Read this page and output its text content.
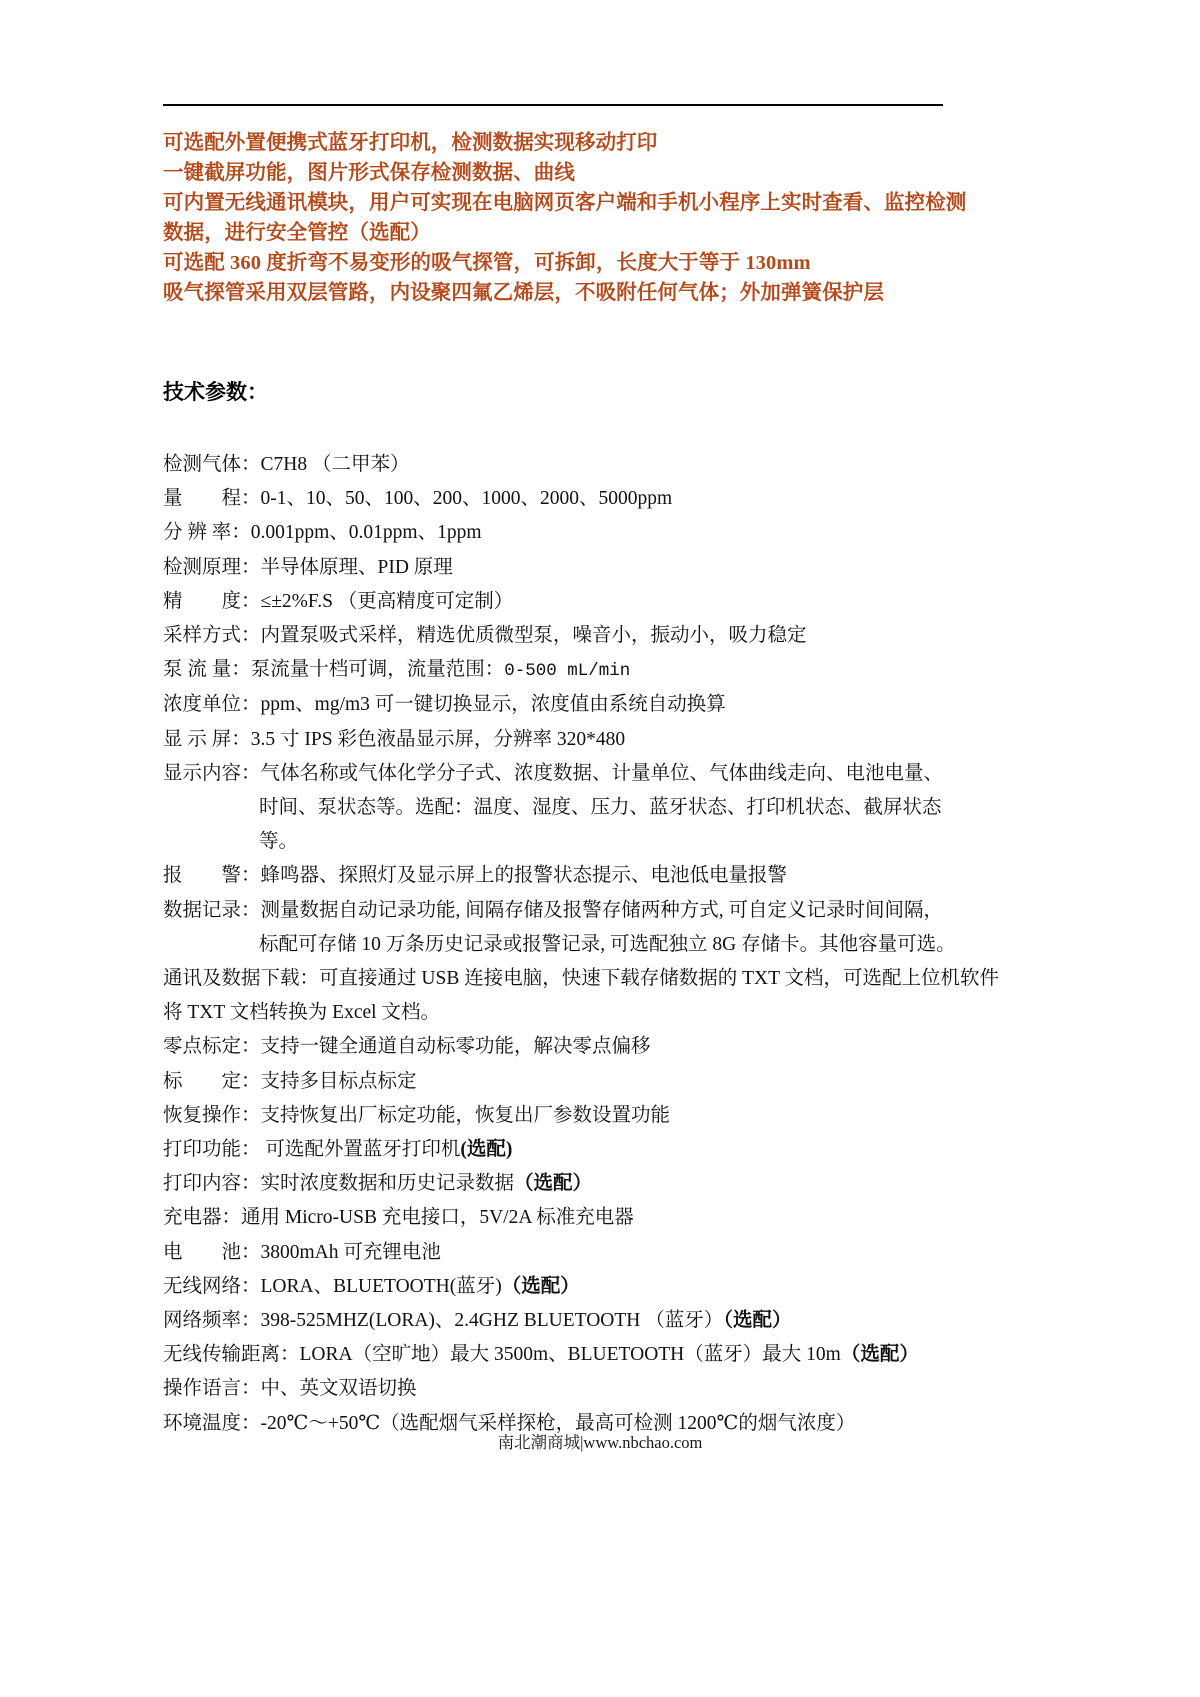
可选配外置便携式蓝牙打印机，检测数据实现移动打印
一键截屏功能，图片形式保存检测数据、曲线
可内置无线通讯模块，用户可实现在电脑网页客户端和手机小程序上实时查看、监控检测数据，进行安全管控（选配）
可选配 360 度折弯不易变形的吸气探管，可拆卸，长度大于等于 130mm
吸气探管采用双层管路，内设聚四氟乙烯层，不吸附任何气体；外加弹簧保护层
技术参数：
检测气体：C7H8 （二甲苯）
量　　程：0-1、10、50、100、200、1000、2000、5000ppm
分 辨 率：0.001ppm、0.01ppm、1ppm
检测原理：半导体原理、PID 原理
精　　度：≤±2%F.S （更高精度可定制）
采样方式：内置泵吸式采样，精选优质微型泵，噪音小，振动小，吸力稳定
泵 流 量：泵流量十档可调，流量范围：0-500 mL/min
浓度单位：ppm、mg/m3 可一键切换显示，浓度值由系统自动换算
显 示 屏：3.5 寸 IPS 彩色液晶显示屏，分辨率 320*480
显示内容：气体名称或气体化学分子式、浓度数据、计量单位、气体曲线走向、电池电量、
时间、泵状态等。选配：温度、湿度、压力、蓝牙状态、打印机状态、截屏状态
等。
报　　警：蜂鸣器、探照灯及显示屏上的报警状态提示、电池低电量报警
数据记录：测量数据自动记录功能, 间隔存储及报警存储两种方式, 可自定义记录时间间隔，
标配可存储 10 万条历史记录或报警记录, 可选配独立 8G 存储卡。其他容量可选。
通讯及数据下载：可直接通过 USB 连接电脑，快速下载存储数据的 TXT 文档，可选配上位机软件将 TXT 文档转换为 Excel 文档。
零点标定：支持一键全通道自动标零功能，解决零点偏移
标　　定：支持多目标点标定
恢复操作：支持恢复出厂标定功能，恢复出厂参数设置功能
打印功能： 可选配外置蓝牙打印机(选配)
打印内容：实时浓度数据和历史记录数据（选配）
充电器：通用 Micro-USB 充电接口，5V/2A 标准充电器
电　　池：3800mAh 可充锂电池
无线网络：LORA、BLUETOOTH(蓝牙)（选配）
网络频率：398-525MHZ(LORA)、2.4GHZ BLUETOOTH （蓝牙）（选配）
无线传输距离：LORA（空旷地）最大 3500m、BLUETOOTH（蓝牙）最大 10m（选配）
操作语言：中、英文双语切换
环境温度：-20℃～+50℃（选配烟气采样探枪，最高可检测 1200℃的烟气浓度）
南北潮商城|www.nbchao.com
